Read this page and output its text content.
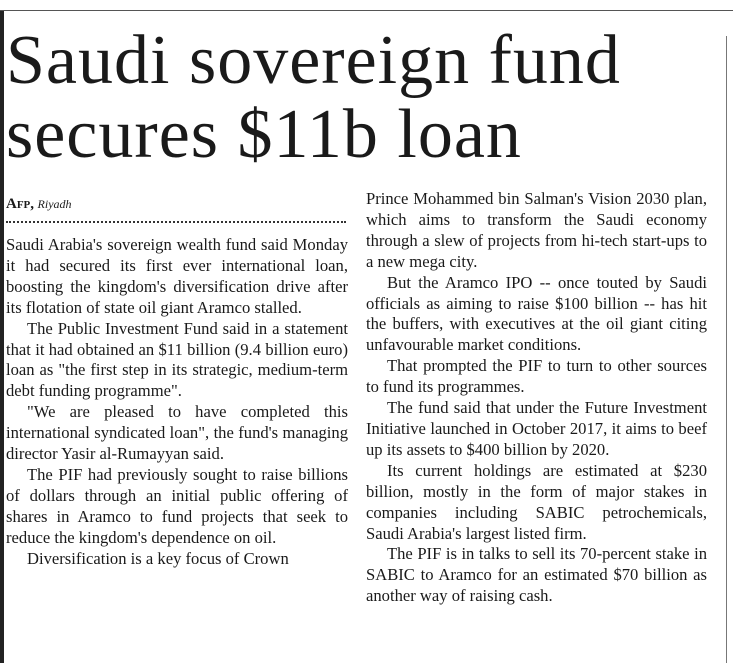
Saudi sovereign fund secures $11b loan
Afp, Riyadh

Saudi Arabia's sovereign wealth fund said Monday it had secured its first ever international loan, boosting the kingdom's diversification drive after its flotation of state oil giant Aramco stalled.

The Public Investment Fund said in a statement that it had obtained an $11 billion (9.4 billion euro) loan as "the first step in its strategic, medium-term debt funding programme".

"We are pleased to have completed this international syndicated loan", the fund's managing director Yasir al-Rumayyan said.

The PIF had previously sought to raise billions of dollars through an initial public offering of shares in Aramco to fund projects that seek to reduce the kingdom's dependence on oil.

Diversification is a key focus of Crown

Prince Mohammed bin Salman's Vision 2030 plan, which aims to transform the Saudi economy through a slew of projects from hi-tech start-ups to a new mega city.

But the Aramco IPO -- once touted by Saudi officials as aiming to raise $100 billion -- has hit the buffers, with executives at the oil giant citing unfavourable market conditions.

That prompted the PIF to turn to other sources to fund its programmes.

The fund said that under the Future Investment Initiative launched in October 2017, it aims to beef up its assets to $400 billion by 2020.

Its current holdings are estimated at $230 billion, mostly in the form of major stakes in companies including SABIC petrochemicals, Saudi Arabia's largest listed firm.

The PIF is in talks to sell its 70-percent stake in SABIC to Aramco for an estimated $70 billion as another way of raising cash.
